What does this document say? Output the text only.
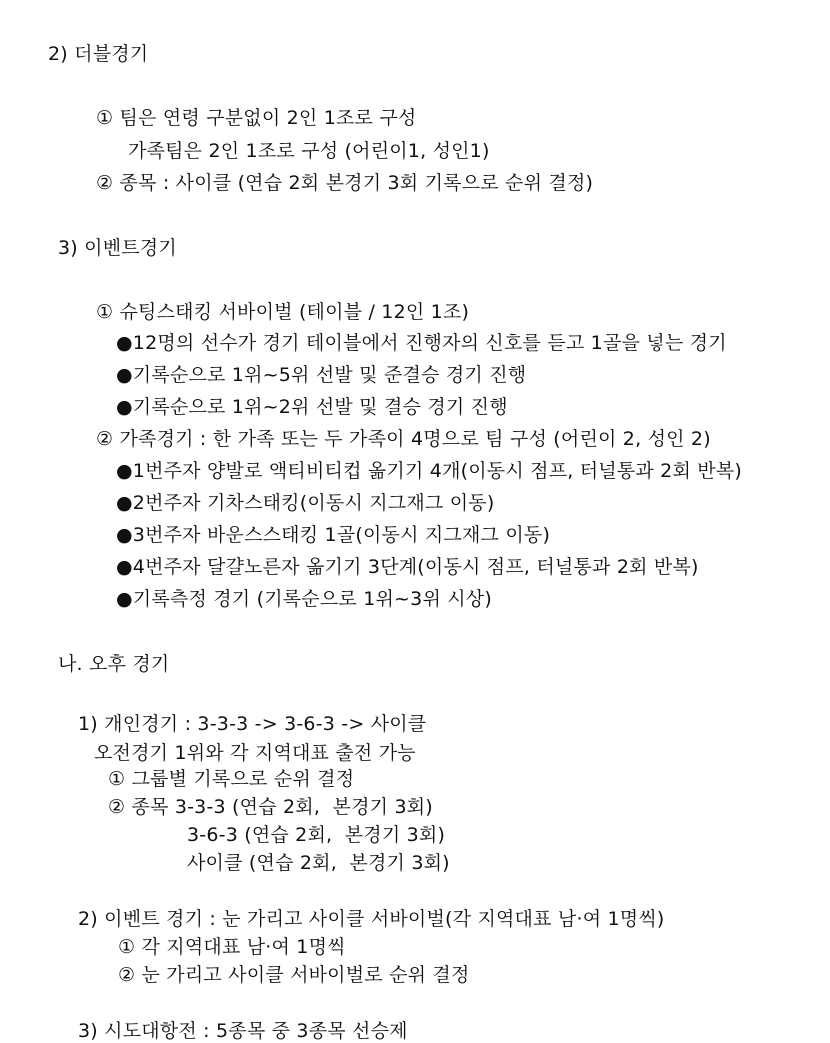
2) 더블경기
① 팀은 연령 구분없이 2인 1조로 구성
가족팀은 2인 1조로 구성 (어린이1, 성인1)
② 종목 : 사이클 (연습 2회 본경기 3회 기록으로 순위 결정)
3) 이벤트경기
① 슈팅스태킹 서바이벌 (테이블 / 12인 1조)
●12명의 선수가 경기 테이블에서 진행자의 신호를 듣고 1골을 넣는 경기
●기록순으로 1위~5위 선발 및 준결승 경기 진행
●기록순으로 1위~2위 선발 및 결승 경기 진행
② 가족경기 : 한 가족 또는 두 가족이 4명으로 팀 구성 (어린이 2, 성인 2)
●1번주자 양발로 액티비티컵 옮기기 4개(이동시 점프, 터널통과 2회 반복)
●2번주자 기차스태킹(이동시 지그재그 이동)
●3번주자 바운스스태킹 1골(이동시 지그재그 이동)
●4번주자 달걀노른자 옮기기 3단계(이동시 점프, 터널통과 2회 반복)
●기록측정 경기 (기록순으로 1위~3위 시상)
나. 오후 경기
1) 개인경기 : 3-3-3 -> 3-6-3 -> 사이클
오전경기 1위와 각 지역대표 출전 가능
① 그룹별 기록으로 순위 결정
② 종목 3-3-3 (연습 2회,  본경기 3회)
3-6-3 (연습 2회,  본경기 3회)
사이클 (연습 2회,  본경기 3회)
2) 이벤트 경기 : 눈 가리고 사이클 서바이벌(각 지역대표 남·여 1명씩)
① 각 지역대표 남·여 1명씩
② 눈 가리고 사이클 서바이벌로 순위 결정
3) 시도대항전 : 5종목 중 3종목 선승제
